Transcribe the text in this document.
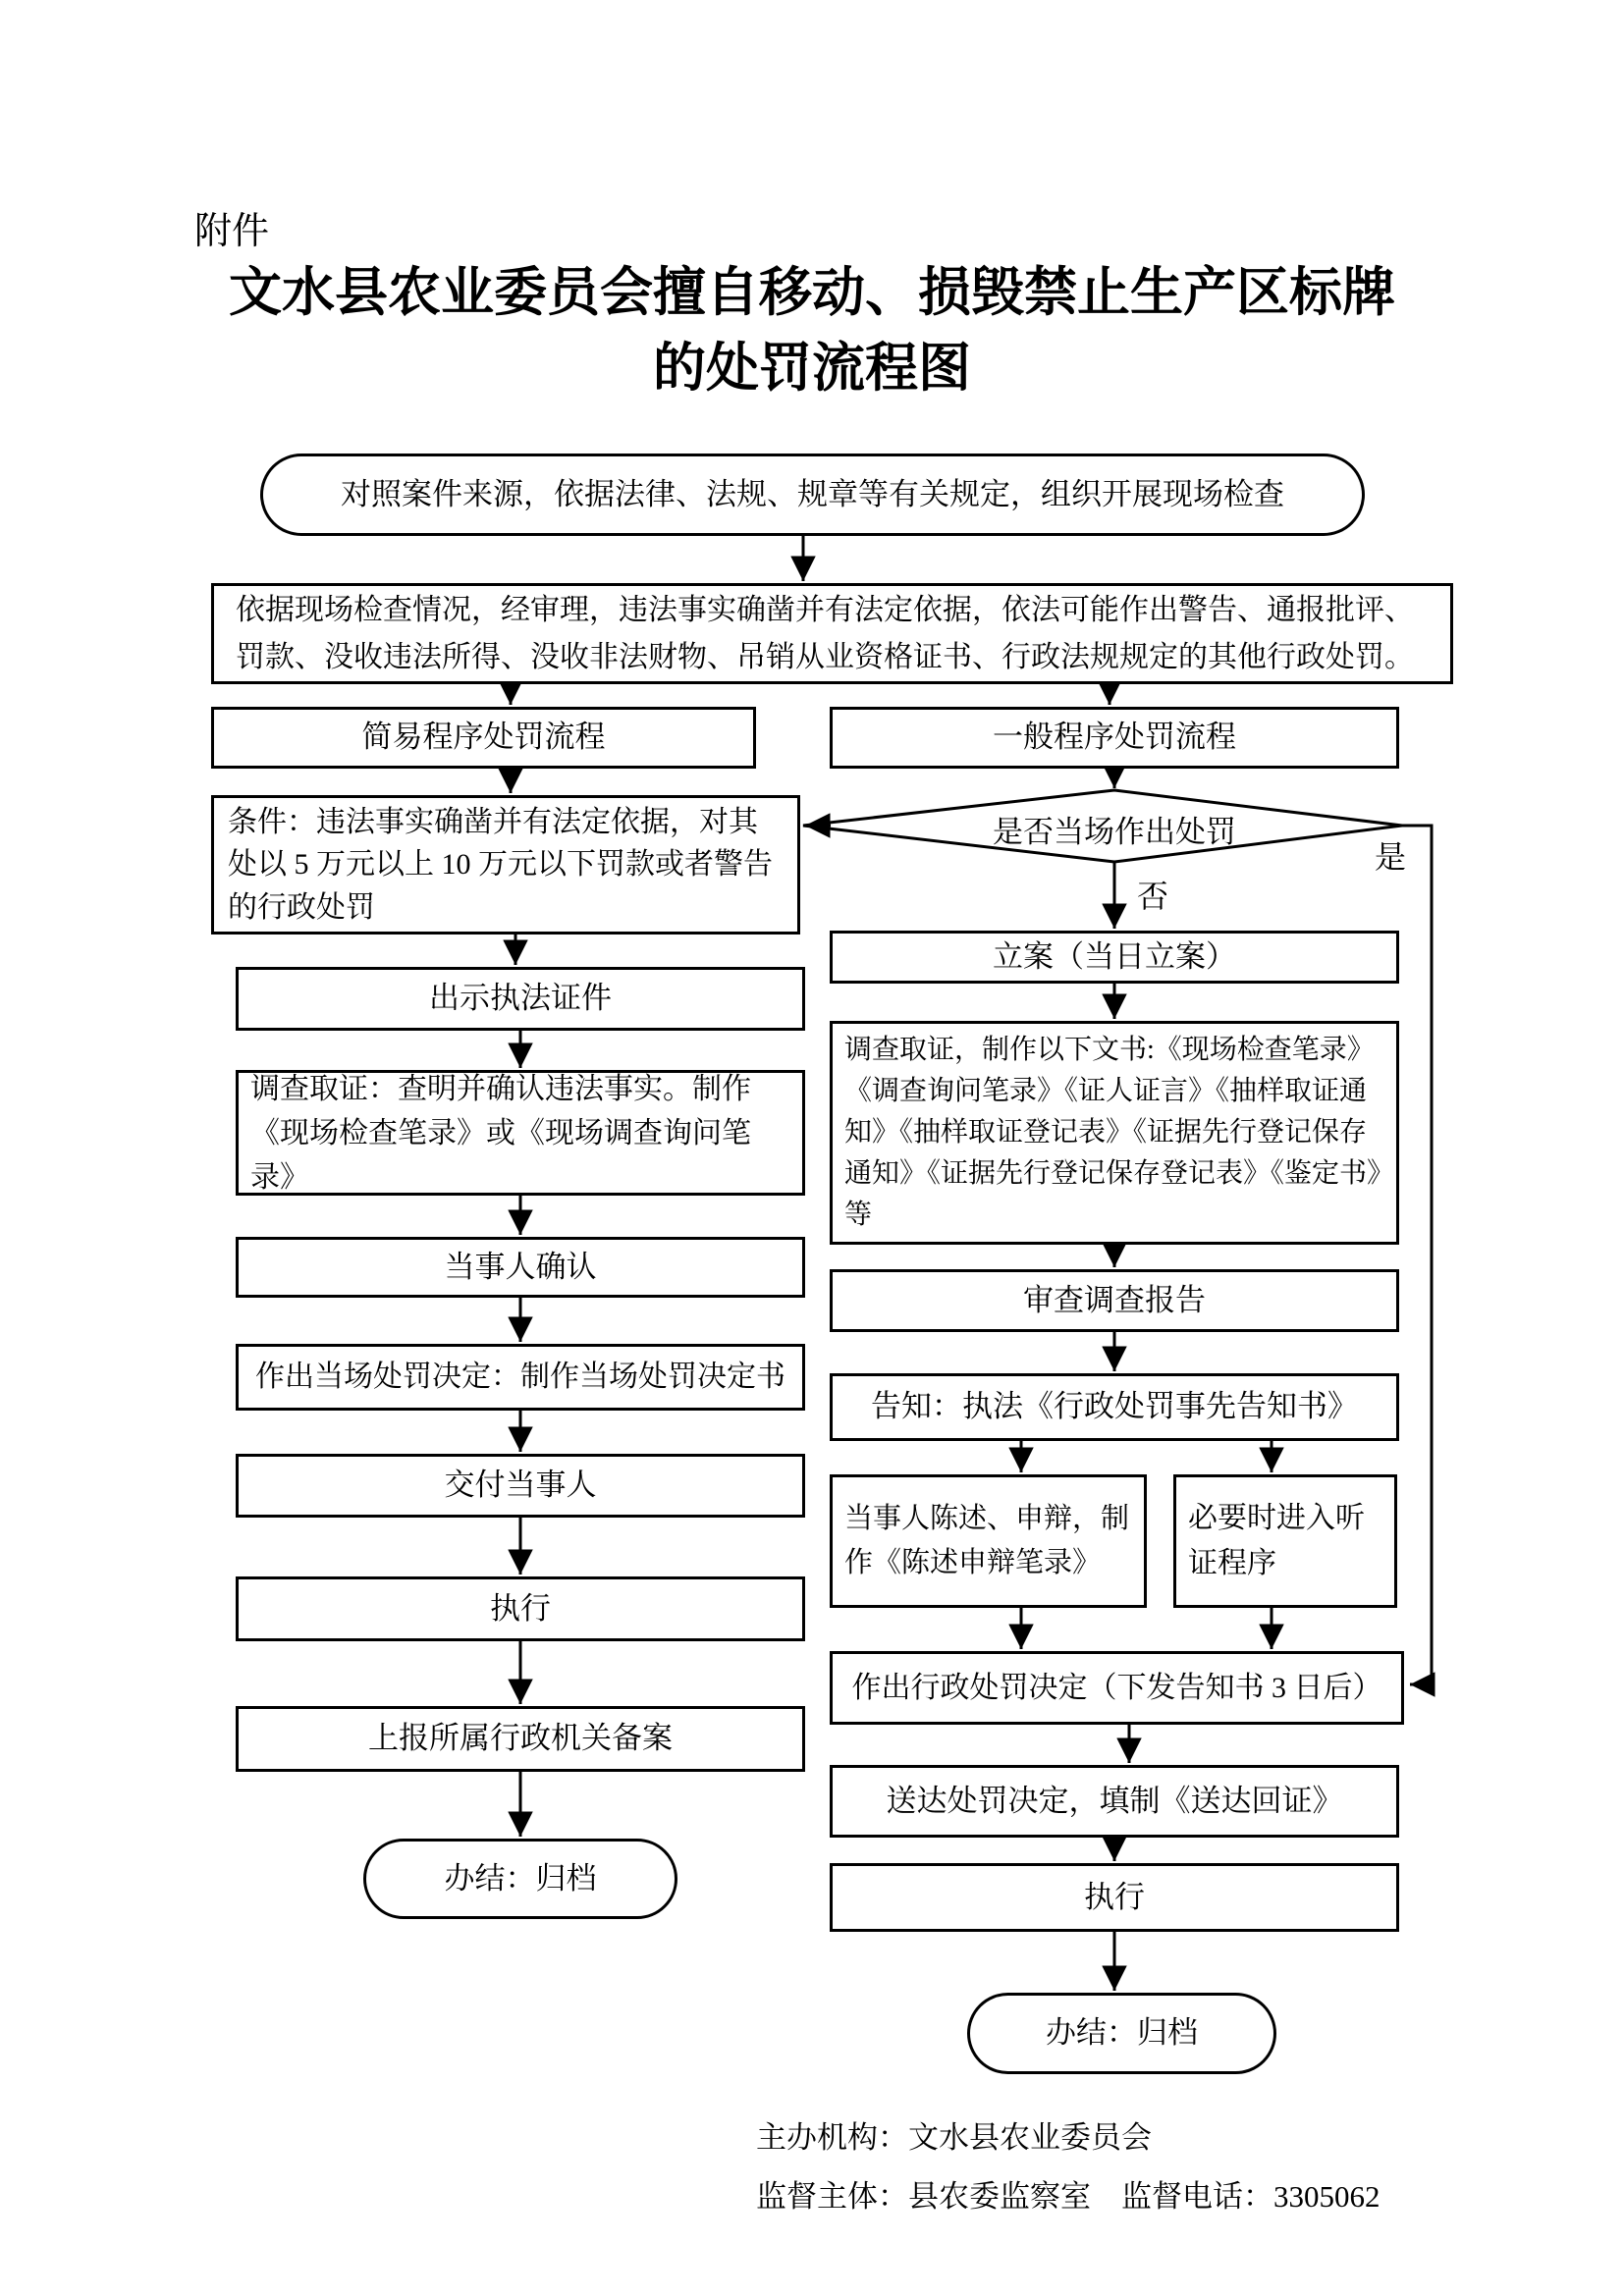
附件
文水县农业委员会擅自移动、损毁禁止生产区标牌
的处罚流程图
对照案件来源，依据法律、法规、规章等有关规定，组织开展现场检查
依据现场检查情况，经审理，违法事实确凿并有法定依据，依法可能作出警告、通报批评、罚款、没收违法所得、没收非法财物、吊销从业资格证书、行政法规规定的其他行政处罚。
简易程序处罚流程
条件：违法事实确凿并有法定依据，对其处以 5 万元以上 10 万元以下罚款或者警告的行政处罚
出示执法证件
调查取证：查明并确认违法事实。制作《现场检查笔录》或《现场调查询问笔录》
当事人确认
作出当场处罚决定：制作当场处罚决定书
交付当事人
执行
上报所属行政机关备案
办结：归档
一般程序处罚流程
是否当场作出处罚
否
是
立案（当日立案）
调查取证，制作以下文书:《现场检查笔录》《调查询问笔录》《证人证言》《抽样取证通知》《抽样取证登记表》《证据先行登记保存通知》《证据先行登记保存登记表》《鉴定书》等
审查调查报告
告知：执法《行政处罚事先告知书》
当事人陈述、申辩，制作《陈述申辩笔录》
必要时进入听证程序
作出行政处罚决定（下发告知书 3 日后）
送达处罚决定，填制《送达回证》
执行
办结：归档
主办机构：文水县农业委员会
监督主体：县农委监察室　监督电话：3305062
